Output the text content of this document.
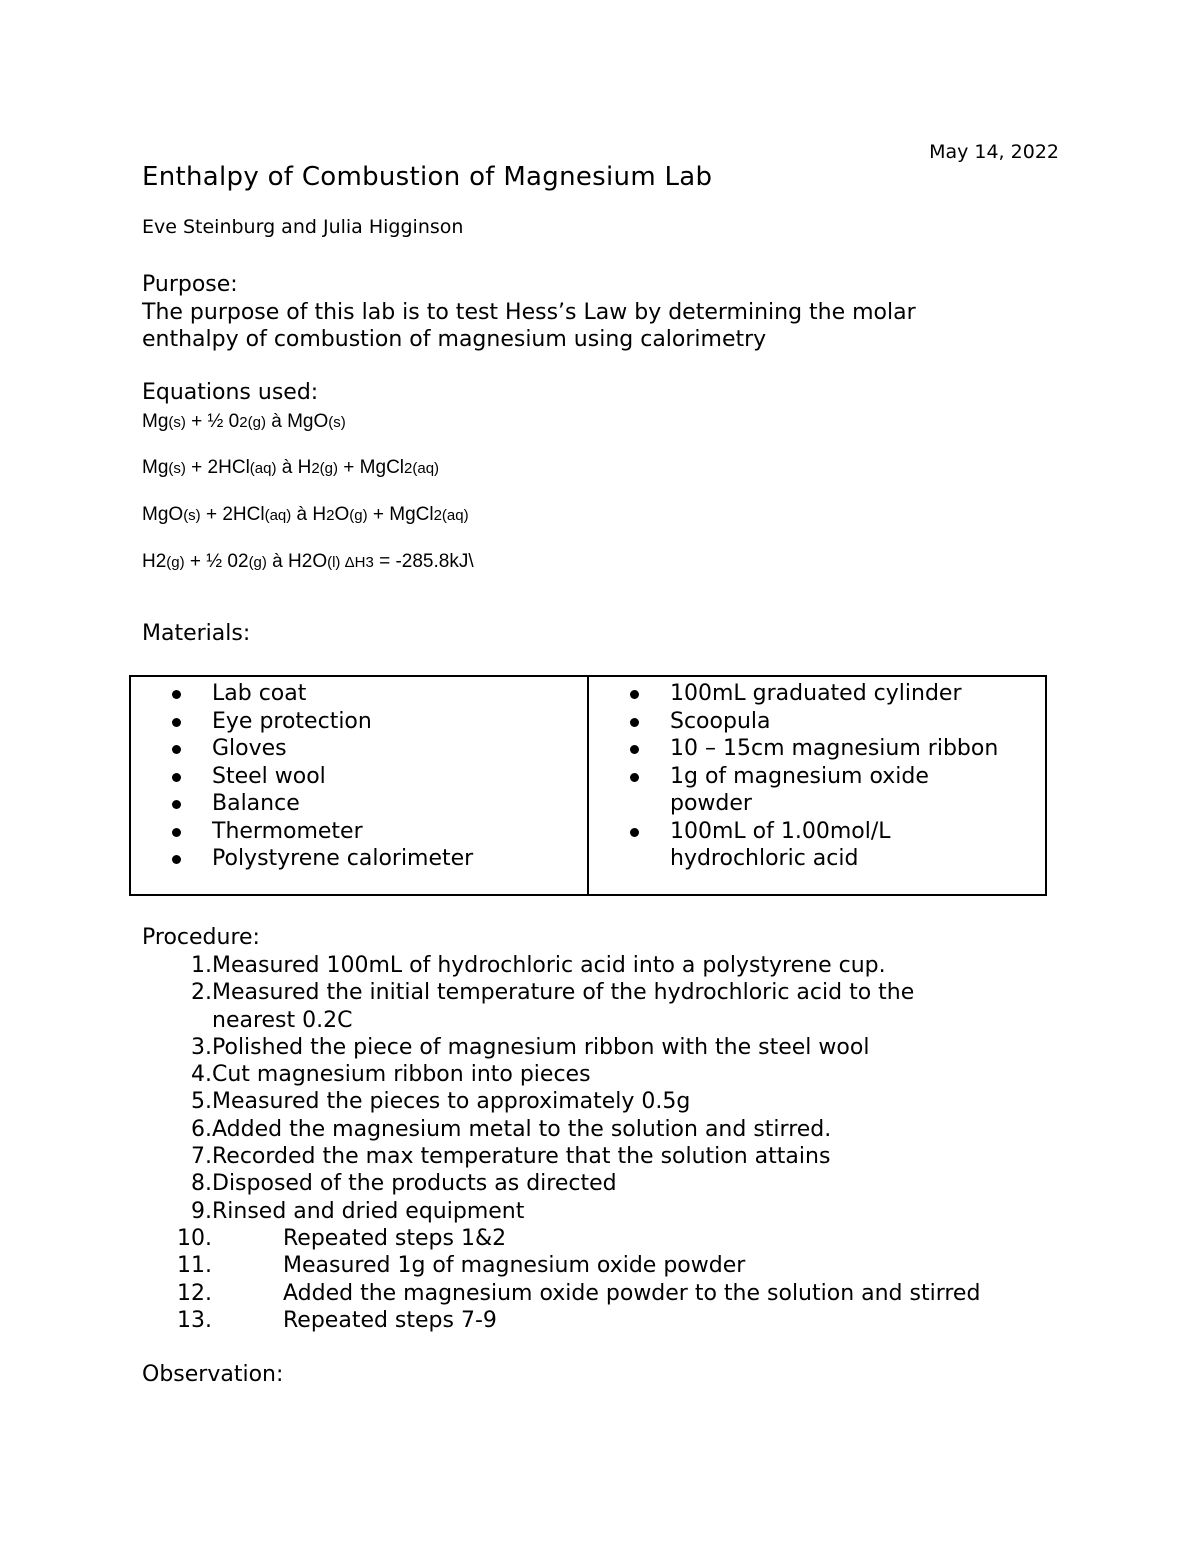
May 14, 2022
Enthalpy of Combustion of Magnesium Lab
Eve Steinburg and Julia Higginson
Purpose:
The purpose of this lab is to test Hess’s Law by determining the molar
enthalpy of combustion of magnesium using calorimetry
Equations used:
Mg(s) + ½ 02(g) à MgO(s)
Mg(s) + 2HCl(aq) à H2(g) + MgCl2(aq)
MgO(s) + 2HCl(aq) à H2O(g) + MgCl2(aq)
H2(g) + ½ 02(g) à H2O(l) ΔH3 = -285.8kJ\
Materials:
Lab coat
Eye protection
Gloves
Steel wool
Balance
Thermometer
Polystyrene calorimeter
100mL graduated cylinder
Scoopula
10 – 15cm magnesium ribbon
1g of magnesium oxide
powder
100mL of 1.00mol/L
hydrochloric acid
Procedure:
1. Measured 100mL of hydrochloric acid into a polystyrene cup.
2. Measured the initial temperature of the hydrochloric acid to the
nearest 0.2C
3. Polished the piece of magnesium ribbon with the steel wool
4. Cut magnesium ribbon into pieces
5. Measured the pieces to approximately 0.5g
6. Added the magnesium metal to the solution and stirred.
7. Recorded the max temperature that the solution attains
8. Disposed of the products as directed
9. Rinsed and dried equipment
10.	Repeated steps 1&2
11.	Measured 1g of magnesium oxide powder
12.	Added the magnesium oxide powder to the solution and stirred
13.	Repeated steps 7-9
Observation:
